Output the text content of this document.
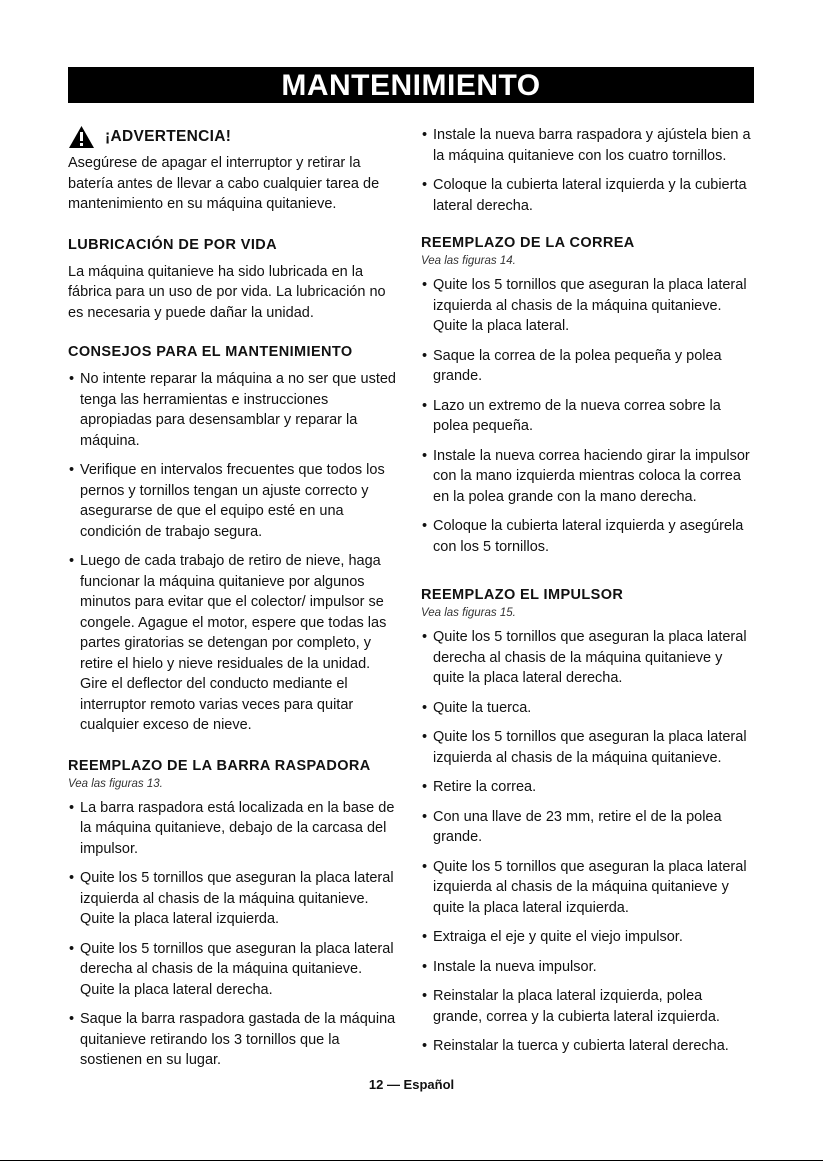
MANTENIMIENTO
¡ADVERTENCIA!

Asegúrese de apagar el interruptor y retirar la batería antes de llevar a cabo cualquier tarea de mantenimiento en su máquina quitanieve.

LUBRICACIÓN DE POR VIDA

La máquina quitanieve ha sido lubricada en la fábrica para un uso de por vida. La lubricación no es necesaria y puede dañar la unidad.

CONSEJOS PARA EL MANTENIMIENTO
• No intente reparar la máquina a no ser que usted tenga las herramientas e instrucciones apropiadas para desensamblar y reparar la máquina.
• Verifique en intervalos frecuentes que todos los pernos y tornillos tengan un ajuste correcto y asegurarse de que el equipo esté en una condición de trabajo segura.
• Luego de cada trabajo de retiro de nieve, haga funcionar la máquina quitanieve por algunos minutos para evitar que el colector/ impulsor se congele. Agague el motor, espere que todas las partes giratorias se detengan por completo, y retire el hielo y nieve residuales de la unidad. Gire el deflector del conducto mediante el interruptor remoto varias veces para quitar cualquier exceso de nieve.
REEMPLAZO DE LA BARRA RASPADORA

Vea las figuras 13.

• La barra raspadora está localizada en la base de la máquina quitanieve, debajo de la carcasa del impulsor.
• Quite los 5 tornillos que aseguran la placa lateral izquierda al chasis de la máquina quitanieve. Quite la placa lateral izquierda.
• Quite los 5 tornillos que aseguran la placa lateral derecha al chasis de la máquina quitanieve. Quite la placa lateral derecha.
• Saque la barra raspadora gastada de la máquina quitanieve retirando los 3 tornillos que la sostienen en su lugar.
• Instale la nueva barra raspadora y ajústela bien a la máquina quitanieve con los cuatro tornillos.
• Coloque la cubierta lateral izquierda y la cubierta lateral derecha.
REEMPLAZO DE LA CORREA

Vea las figuras 14.

• Quite los 5 tornillos que aseguran la placa lateral izquierda al chasis de la máquina quitanieve. Quite la placa lateral.
• Saque la correa de la polea pequeña y polea grande.
• Lazo un extremo de la nueva correa sobre la polea pequeña.
• Instale la nueva correa haciendo girar la impulsor con la mano izquierda mientras coloca la correa en la polea grande con la mano derecha.
• Coloque la cubierta lateral izquierda y asegúrela con los 5 tornillos.
REEMPLAZO EL IMPULSOR

Vea las figuras 15.

• Quite los 5 tornillos que aseguran la placa lateral derecha al chasis de la máquina quitanieve y quite la placa lateral derecha.
• Quite la tuerca.
• Quite los 5 tornillos que aseguran la placa lateral izquierda al chasis de la máquina quitanieve.
• Retire la correa.
• Con una llave de 23 mm, retire el de la polea grande.
• Quite los 5 tornillos que aseguran la placa lateral izquierda al chasis de la máquina quitanieve y quite la placa lateral izquierda.
• Extraiga el eje y quite el viejo impulsor.
• Instale la nueva impulsor.
• Reinstalar la placa lateral izquierda, polea grande, correa y la cubierta lateral izquierda.
• Reinstalar la tuerca y cubierta lateral derecha.
12 — Español
